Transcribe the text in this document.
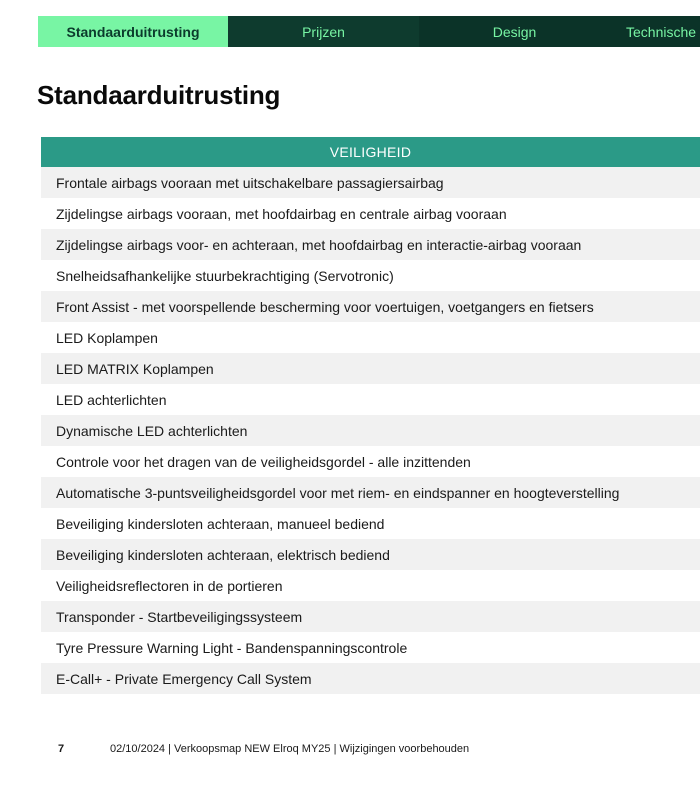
Standaarduitrusting	Prijzen	Design	Technische
Standaarduitrusting
VEILIGHEID
Frontale airbags vooraan met uitschakelbare passagiersairbag
Zijdelingse airbags vooraan, met hoofdairbag en centrale airbag vooraan
Zijdelingse airbags voor- en achteraan, met hoofdairbag en interactie-airbag vooraan
Snelheidsafhankelijke stuurbekrachtiging (Servotronic)
Front Assist - met voorspellende bescherming voor voertuigen, voetgangers en fietsers
LED Koplampen
LED MATRIX Koplampen
LED achterlichten
Dynamische LED achterlichten
Controle voor het dragen van de veiligheidsgordel - alle inzittenden
Automatische 3-puntsveiligheidsgordel voor met riem- en eindspanner en hoogteverstelling
Beveiliging kindersloten achteraan, manueel bediend
Beveiliging kindersloten achteraan, elektrisch bediend
Veiligheidsreflectoren in de portieren
Transponder - Startbeveiligingssysteem
Tyre Pressure Warning Light - Bandenspanningscontrole
E-Call+ - Private Emergency Call System
7	02/10/2024 | Verkoopsmap NEW Elroq MY25 | Wijzigingen voorbehouden
